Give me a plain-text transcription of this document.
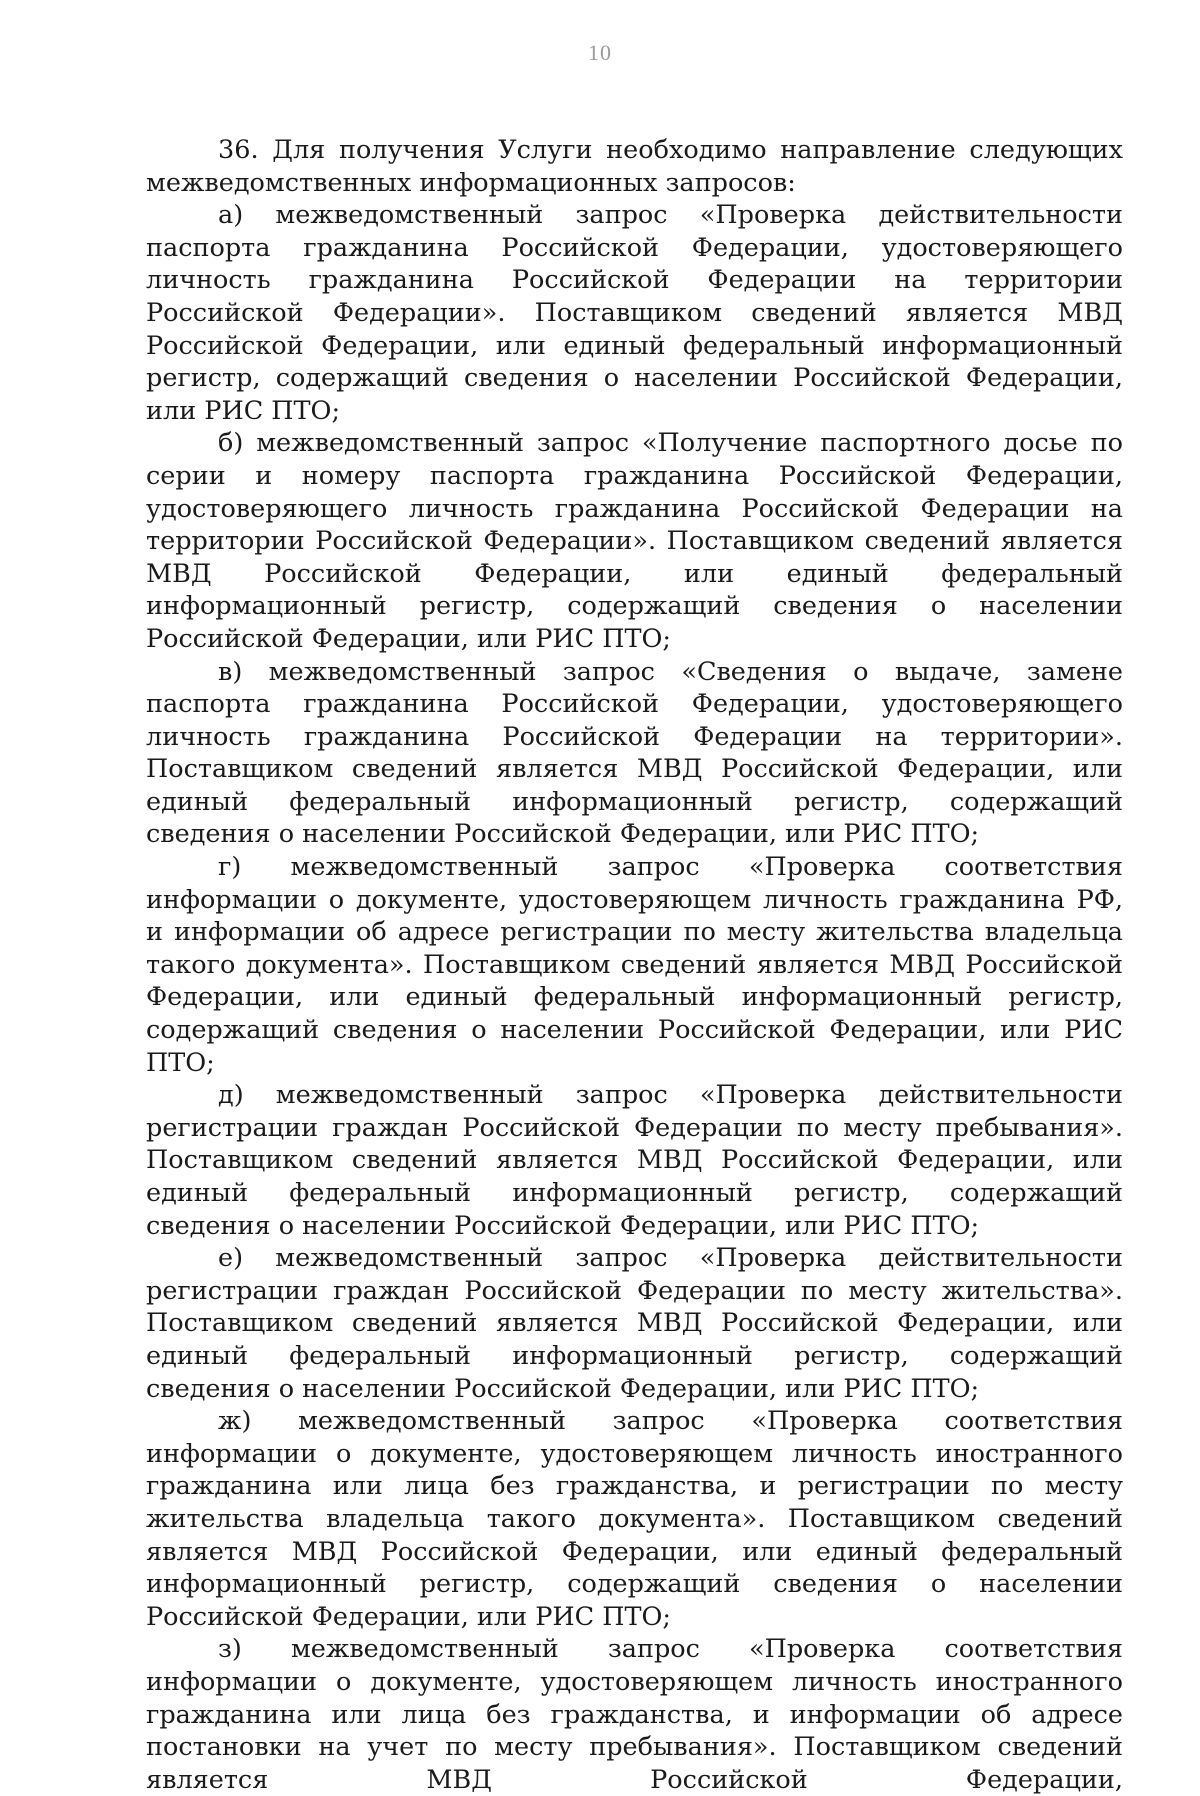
10

36. Для получения Услуги необходимо направление следующих межведомственных информационных запросов:

а) межведомственный запрос «Проверка действительности паспорта гражданина Российской Федерации, удостоверяющего личность гражданина Российской Федерации на территории Российской Федерации». Поставщиком сведений является МВД Российской Федерации, или единый федеральный информационный регистр, содержащий сведения о населении Российской Федерации, или РИС ПТО;

б) межведомственный запрос «Получение паспортного досье по серии и номеру паспорта гражданина Российской Федерации, удостоверяющего личность гражданина Российской Федерации на территории Российской Федерации». Поставщиком сведений является МВД Российской Федерации, или единый федеральный информационный регистр, содержащий сведения о населении Российской Федерации, или РИС ПТО;

в) межведомственный запрос «Сведения о выдаче, замене паспорта гражданина Российской Федерации, удостоверяющего личность гражданина Российской Федерации на территории». Поставщиком сведений является МВД Российской Федерации, или единый федеральный информационный регистр, содержащий сведения о населении Российской Федерации, или РИС ПТО;

г) межведомственный запрос «Проверка соответствия информации о документе, удостоверяющем личность гражданина РФ, и информации об адресе регистрации по месту жительства владельца такого документа». Поставщиком сведений является МВД Российской Федерации, или единый федеральный информационный регистр, содержащий сведения о населении Российской Федерации, или РИС ПТО;

д) межведомственный запрос «Проверка действительности регистрации граждан Российской Федерации по месту пребывания». Поставщиком сведений является МВД Российской Федерации, или единый федеральный информационный регистр, содержащий сведения о населении Российской Федерации, или РИС ПТО;

е) межведомственный запрос «Проверка действительности регистрации граждан Российской Федерации по месту жительства». Поставщиком сведений является МВД Российской Федерации, или единый федеральный информационный регистр, содержащий сведения о населении Российской Федерации, или РИС ПТО;

ж) межведомственный запрос «Проверка соответствия информации о документе, удостоверяющем личность иностранного гражданина или лица без гражданства, и регистрации по месту жительства владельца такого документа». Поставщиком сведений является МВД Российской Федерации, или единый федеральный информационный регистр, содержащий сведения о населении Российской Федерации, или РИС ПТО;

з) межведомственный запрос «Проверка соответствия информации о документе, удостоверяющем личность иностранного гражданина или лица без гражданства, и информации об адресе постановки на учет по месту пребывания». Поставщиком сведений является МВД Российской Федерации,
